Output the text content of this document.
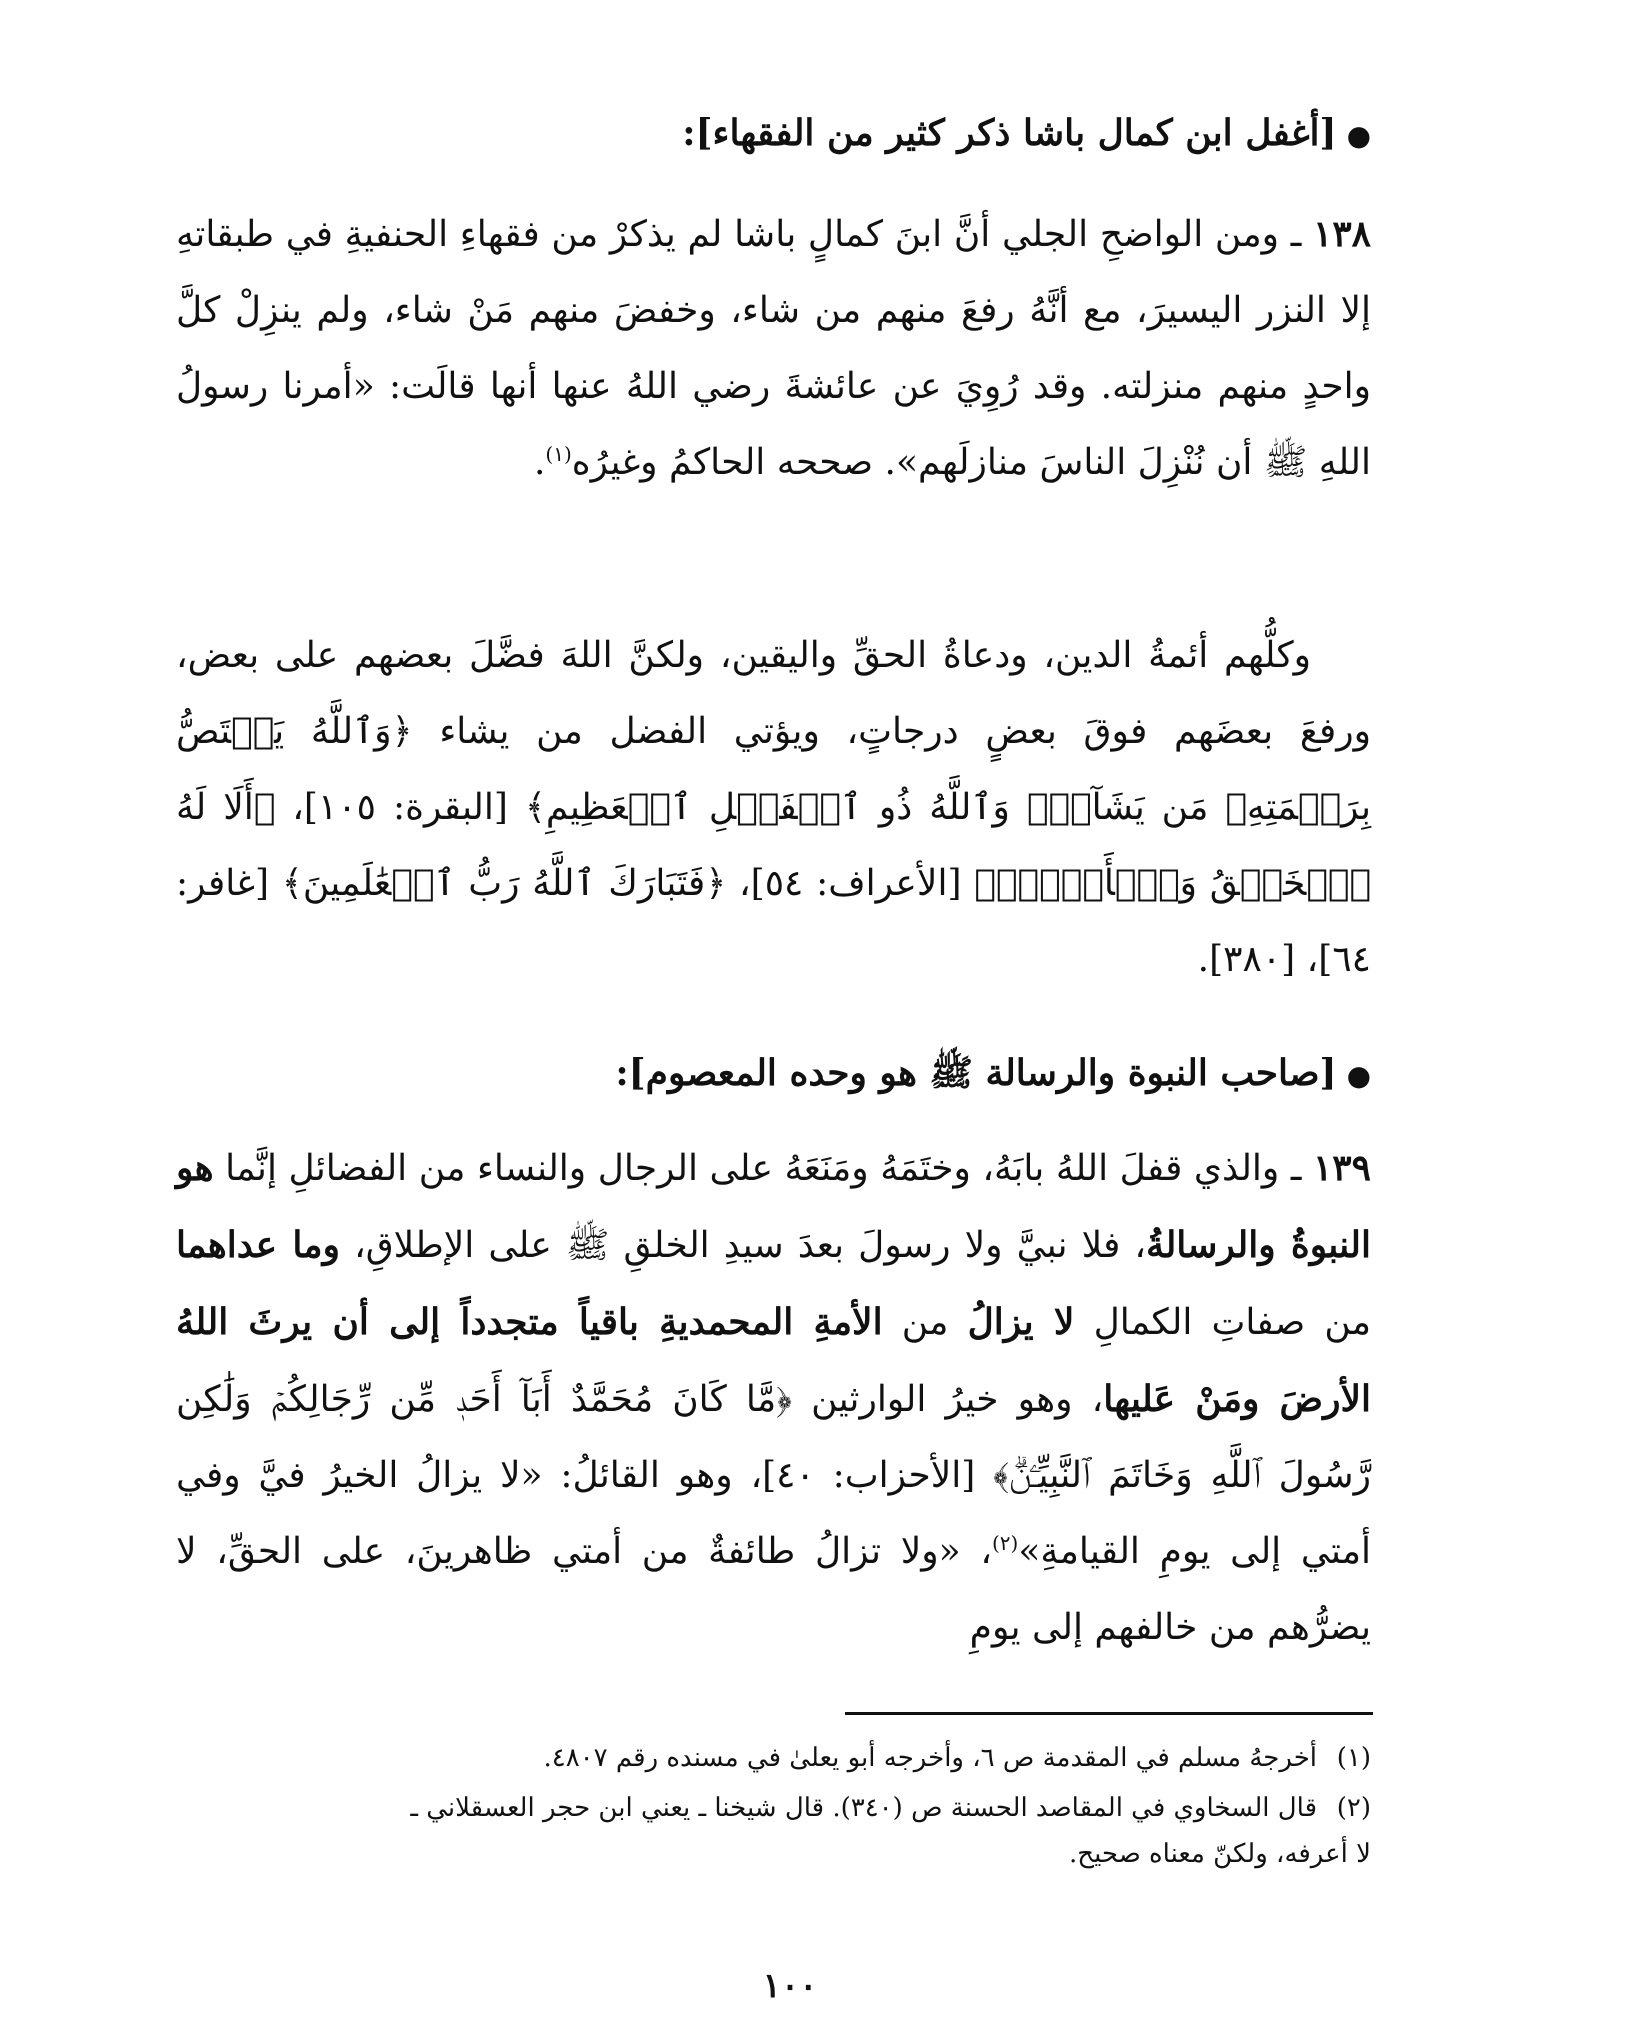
●[أغفل ابن كمال باشا ذكر كثير من الفقهاء]:
١٣٨ ـ ومن الواضحِ الجلي أنَّ ابنَ كمالٍ باشا لم يذكرْ من فقهاءِ الحنفيةِ في طبقاتهِ إلا النزر اليسيرَ، مع أنَّهُ رفعَ منهم من شاء، وخفضَ منهم مَنْ شاء، ولم ينزِلْ كلَّ واحدٍ منهم منزلته. وقد رُوِيَ عن عائشةَ رضي اللهُ عنها أنها قالَت: «أمرنا رسولُ اللهِ ﷺ أن نُنْزِلَ الناسَ منازلَهم». صححه الحاكمُ وغيرُه$^{(١)}$.
وكلُّهم أئمةُ الدين، ودعاةُ الحقِّ واليقين، ولكنَّ اللهَ فضَّلَ بعضهم على بعض، ورفعَ بعضَهم فوقَ بعضٍ درجاتٍ، ويؤتي الفضل من يشاء ﴿وَٱللَّهُ يَخۡتَصُّ بِرَحۡمَتِهِۦ مَن يَشَآءُۚ وَٱللَّهُ ذُو ٱلۡفَضۡلِ ٱلۡعَظِيمِ﴾ [البقرة: ١٠٥]، ﴿أَلَا لَهُ ٱلۡخَلۡقُ وَٱلۡأَمۡرُۗ﴾ [الأعراف: ٥٤]، ﴿فَتَبَارَكَ ٱللَّهُ رَبُّ ٱلۡعَٰلَمِينَ﴾ [غافر: ٦٤]، [٣٨٠].
●[صاحب النبوة والرسالة ﷺ هو وحده المعصوم]:
١٣٩ ـ والذي قفلَ اللهُ بابَهُ، وختَمَهُ ومَنَعَهُ على الرجال والنساء من الفضائلِ إنَّما هو النبوةُ والرسالةُ، فلا نبيَّ ولا رسولَ بعدَ سيدِ الخلقِ ﷺ على الإطلاقِ، وما عداهما من صفاتِ الكمالِ لا يزالُ من الأمةِ المحمديةِ باقياً متجدداً إلى أن يرثَ اللهُ الأرضَ ومَنْ عَليها، وهو خيرُ الوارثين ﴿مَّا كَانَ مُحَمَّدٌ أَبَآ أَحَدٖ مِّن رِّجَالِكُمۡ وَلَٰكِن رَّسُولَ ٱللَّهِ وَخَاتَمَ ٱلنَّبِيِّـۧنَۗ﴾ [الأحزاب: ٤٠]، وهو القائلُ: «لا يزالُ الخيرُ فيَّ وفي أمتي إلى يومِ القيامةِ»$^{(٢)}$، «ولا تزالُ طائفةٌ من أمتي ظاهرينَ، على الحقِّ، لا يضرُّهم من خالفهم إلى يومِ
(١)أخرجهُ مسلم في المقدمة ص ٦، وأخرجه أبو يعلىٰ في مسنده رقم ٤٨٠٧.
(٢)قال السخاوي في المقاصد الحسنة ص (٣٤٠). قال شيخنا ـ يعني ابن حجر العسقلاني ـ
لا أعرفه، ولكنّ معناه صحيح.
١٠٠
